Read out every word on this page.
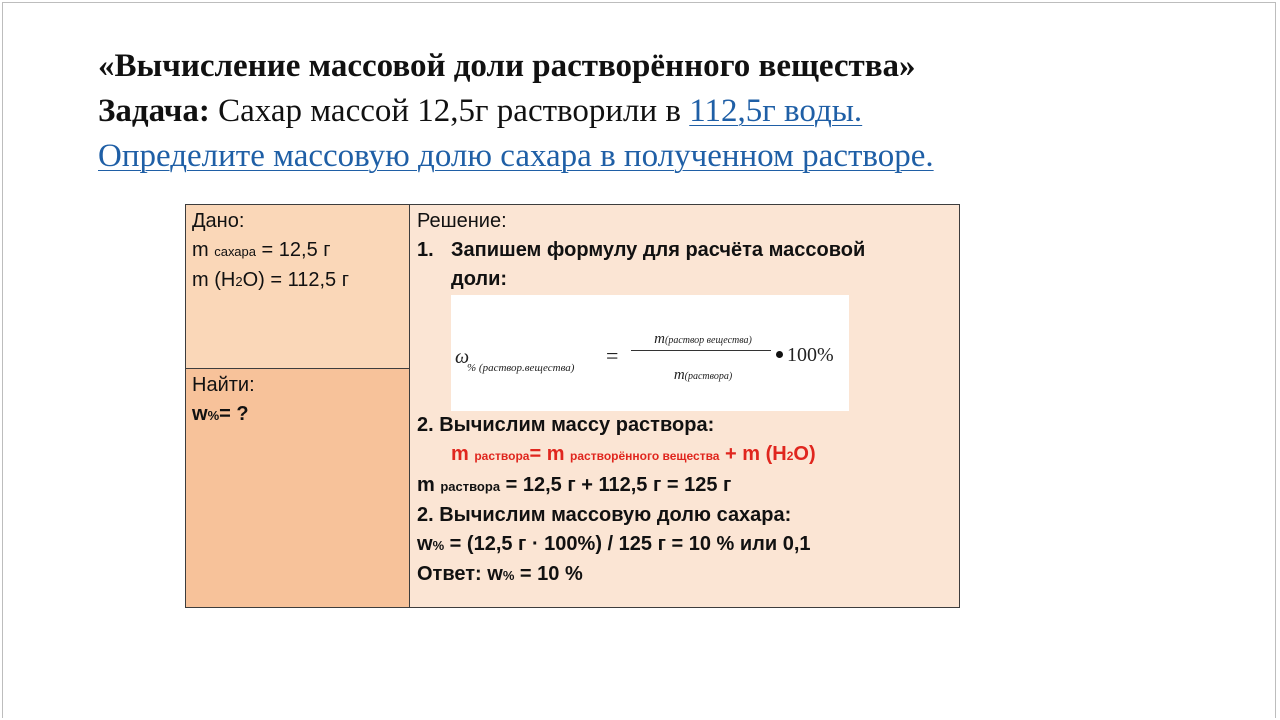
«Вычисление массовой доли растворённого вещества»
Задача: Сахар массой 12,5г растворили в 112,5г воды.
Определите массовую долю сахара в полученном растворе.
Дано:
m сахара = 12,5 г
m (H2O) = 112,5 г

Решение:
1. Запишем формулу для расчёта массовой
доли:
ω
% (раствор.вещества) =
m(раствор вещества)
m(раствора)
100%
2. Вычислим массу раствора:
m раствора= m растворённого вещества + m (H2O)
m раствора = 12,5 г + 112,5 г = 125 г
2. Вычислим массовую долю сахара:
w% = (12,5 г · 100%) / 125 г = 10 % или 0,1
Ответ: w% = 10 %

Найти:
w%= ?
